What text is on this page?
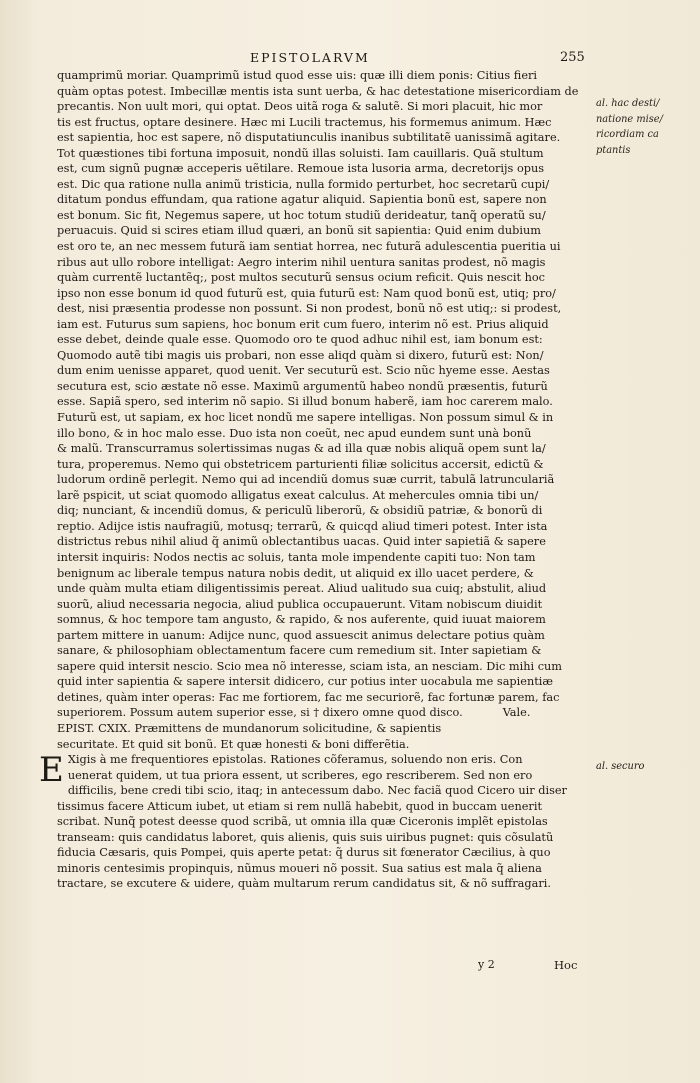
EPISTOLARVM	255
quamprimũ moriar. Quamprimũ istud quod esse uis: quæ illi diem ponis: Citius fieri
quàm optas potest. Imbecillæ mentis ista sunt uerba, & hac detestatione misericordiam de
precantis. Non uult mori, qui optat. Deos uitã roga & salutẽ. Si mori placuit, hic mor
tis est fructus, optare desinere. Hæc mi Lucili tractemus, his formemus animum. Hæc
est sapientia, hoc est sapere, nõ disputatiunculis inanibus subtilitatẽ uanissimã agitare.
Tot quæstiones tibi fortuna imposuit, nondũ illas soluisti. Iam cauillaris. Quã stultum
est, cum signũ pugnæ acceperis uẽtilare. Remoue ista lusoria arma, decretorijs opus
est. Dic qua ratione nulla animũ tristicia, nulla formido perturbet, hoc secretarũ cupi/
ditatum pondus effundam, qua ratione agatur aliquid. Sapientia bonũ est, sapere non
est bonum. Sic fit, Negemus sapere, ut hoc totum studiũ derideatur, tanq̃ operatũ su/
peruacuis. Quid si scires etiam illud quæri, an bonũ sit sapientia: Quid enim dubium
est oro te, an nec messem futurã iam sentiat horrea, nec futurã adulescentia pueritia ui
ribus aut ullo robore intelligat: Aegro interim nihil uentura sanitas prodest, nõ magis
quàm currentẽ luctantẽq;, post multos secuturũ sensus ocium reficit. Quis nescit hoc
ipso non esse bonum id quod futurũ est, quia futurũ est: Nam quod bonũ est, utiq; pro/
dest, nisi præsentia prodesse non possunt. Si non prodest, bonũ nõ est utiq;: si prodest,
iam est. Futurus sum sapiens, hoc bonum erit cum fuero, interim nõ est. Prius aliquid
esse debet, deinde quale esse. Quomodo oro te quod adhuc nihil est, iam bonum est:
Quomodo autẽ tibi magis uis probari, non esse aliqd quàm si dixero, futurũ est: Non/
dum enim uenisse apparet, quod uenit. Ver secuturũ est. Scio nũc hyeme esse. Aestas
secutura est, scio æstate nõ esse. Maximũ argumentũ habeo nondũ præsentis, futurũ
esse. Sapiã spero, sed interim nõ sapio. Si illud bonum haberẽ, iam hoc carerem malo.
Futurũ est, ut sapiam, ex hoc licet nondũ me sapere intelligas. Non possum simul & in
illo bono, & in hoc malo esse. Duo ista non coeũt, nec apud eundem sunt unà bonũ
& malũ. Transcurramus solertissimas nugas & ad illa quæ nobis aliquã opem sunt la/
tura, properemus. Nemo qui obstetricem parturienti filiæ solicitus accersit, edictũ &
ludorum ordinẽ perlegit. Nemo qui ad incendiũ domus suæ currit, tabulã latrunculariã
larẽ pspicit, ut sciat quomodo alligatus exeat calculus. At mehercules omnia tibi un/
diq; nunciant, & incendiũ domus, & periculũ liberorũ, & obsidiũ patriæ, & bonorũ di
reptio. Adijce istis naufragiũ, motusq; terrarũ, & quicqd aliud timeri potest. Inter ista
districtus rebus nihil aliud q̃ animũ oblectantibus uacas. Quid inter sapietiã & sapere
intersit inquiris: Nodos nectis ac soluis, tanta mole impendente capiti tuo: Non tam
benignum ac liberale tempus natura nobis dedit, ut aliquid ex illo uacet perdere, &
unde quàm multa etiam diligentissimis pereat. Aliud ualitudo sua cuiq; abstulit, aliud
suorũ, aliud necessaria negocia, aliud publica occupauerunt. Vitam nobiscum diuidit
somnus, & hoc tempore tam angusto, & rapido, & nos auferente, quid iuuat maiorem
partem mittere in uanum: Adijce nunc, quod assuescit animus delectare potius quàm
sanare, & philosophiam oblectamentum facere cum remedium sit. Inter sapietiam &
sapere quid intersit nescio. Scio mea nõ interesse, sciam ista, an nesciam. Dic mihi cum
quid inter sapientia & sapere intersit didicero, cur potius inter uocabula me sapientiæ
detines, quàm inter operas: Fac me fortiorem, fac me securiorẽ, fac fortunæ parem, fac
superiorem. Possum autem superior esse, si † dixero omne quod disco.	Vale.
EPIST. CXIX. Præmittens de mundanorum solicitudine, & sapientis
securitate. Et quid sit bonũ. Et quæ honesti & boni differẽtia.
E Xigis à me frequentiores epistolas. Rationes cõferamus, soluendo non eris. Con
uenerat quidem, ut tua priora essent, ut scriberes, ego rescriberem. Sed non ero
difficilis, bene credi tibi scio, itaq; in antecessum dabo. Nec faciã quod Cicero uir diser
tissimus facere Atticum iubet, ut etiam si rem nullã habebit, quod in buccam uenerit
scribat. Nunq̃ potest deesse quod scribã, ut omnia illa quæ Ciceronis implẽt epistolas
transeam: quis candidatus laboret, quis alienis, quis suis uiribus pugnet: quis cõsulatũ
fiducia Cæsaris, quis Pompei, quis aperte petat: q̃ durus sit fœnerator Cæcilius, à quo
minoris centesimis propinquis, nũmus moueri nõ possit. Sua satius est mala q̃ aliena
tractare, se excutere & uidere, quàm multarum rerum candidatus sit, & nõ suffragari.
al. hac desti/
natione mise/
ricordiam ca
ptantis
al. securo
y 2	Hoc
